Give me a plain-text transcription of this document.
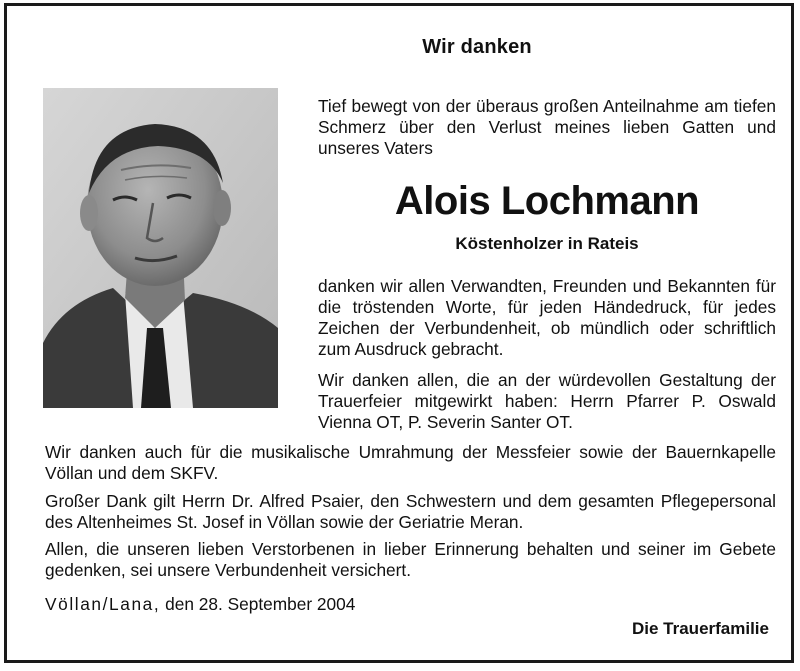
Wir danken

Tief bewegt von der überaus großen Anteilnahme am tiefen Schmerz über den Verlust meines lieben Gatten und unseres Vaters

Alois Lochmann
Köstenholzer in Rateis

danken wir allen Verwandten, Freunden und Bekannten für die tröstenden Worte, für jeden Händedruck, für jedes Zeichen der Verbundenheit, ob mündlich oder schriftlich zum Ausdruck gebracht.

Wir danken allen, die an der würdevollen Gestaltung der Trauerfeier mitgewirkt haben: Herrn Pfarrer P. Oswald Vienna OT, P. Severin Santer OT.

Wir danken auch für die musikalische Umrahmung der Messfeier sowie der Bauernkapelle Völlan und dem SKFV.

Großer Dank gilt Herrn Dr. Alfred Psaier, den Schwestern und dem gesamten Pflegepersonal des Altenheimes St. Josef in Völlan sowie der Geriatrie Meran.

Allen, die unseren lieben Verstorbenen in lieber Erinnerung behalten und seiner im Gebete gedenken, sei unsere Verbundenheit versichert.

Völlan/Lana, den 28. September 2004
Die Trauerfamilie
